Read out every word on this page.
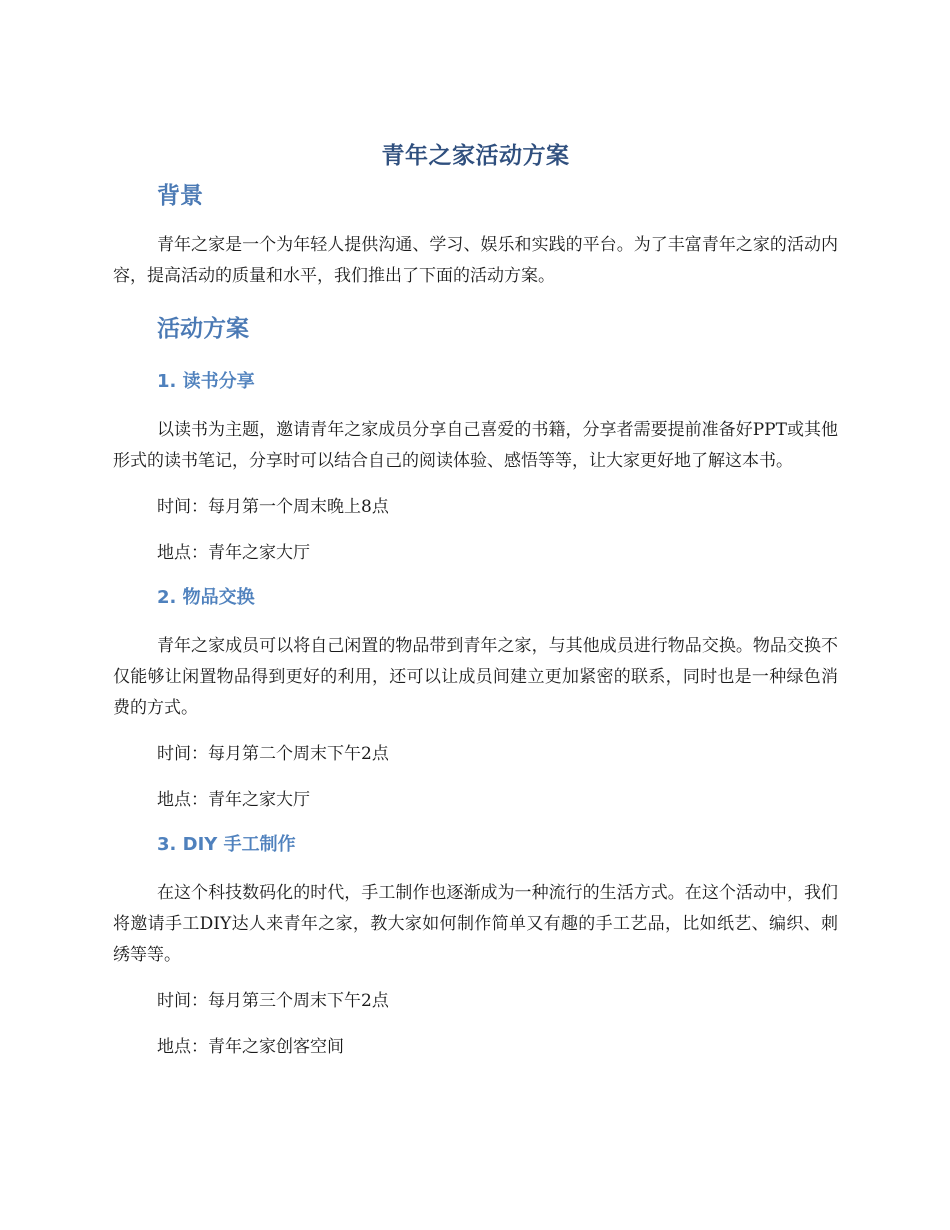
青年之家活动方案
背景

青年之家是一个为年轻人提供沟通、学习、娱乐和实践的平台。为了丰富青年之家的活动内容，提高活动的质量和水平，我们推出了下面的活动方案。

活动方案
1. 读书分享

以读书为主题，邀请青年之家成员分享自己喜爱的书籍，分享者需要提前准备好PPT或其他形式的读书笔记，分享时可以结合自己的阅读体验、感悟等等，让大家更好地了解这本书。

时间：每月第一个周末晚上8点

地点：青年之家大厅

2. 物品交换

青年之家成员可以将自己闲置的物品带到青年之家，与其他成员进行物品交换。物品交换不仅能够让闲置物品得到更好的利用，还可以让成员间建立更加紧密的联系，同时也是一种绿色消费的方式。

时间：每月第二个周末下午2点

地点：青年之家大厅

3. DIY 手工制作

在这个科技数码化的时代，手工制作也逐渐成为一种流行的生活方式。在这个活动中，我们将邀请手工DIY达人来青年之家，教大家如何制作简单又有趣的手工艺品，比如纸艺、编织、刺绣等等。

时间：每月第三个周末下午2点

地点：青年之家创客空间
